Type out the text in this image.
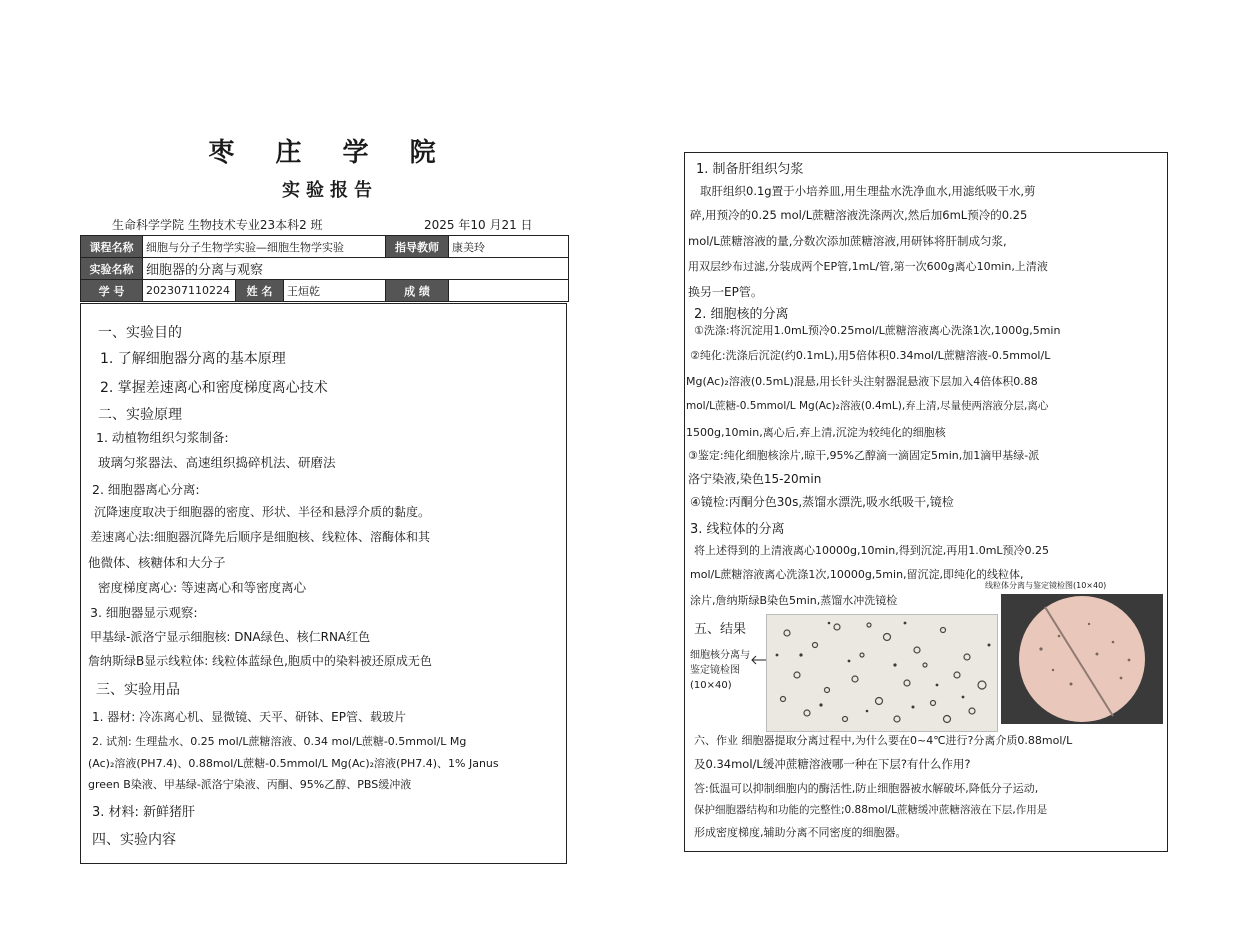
枣 庄 学 院
实验报告
生命科学学院 生物技术专业23本科2 班	2025 年10 月21 日
课程名称	细胞与分子生物学实验—细胞生物学实验			指导教师	康美玲
实验名称	细胞器的分离与观察				
学 号	202307110224	姓 名	王烜乾	成 绩	
一、实验目的
1. 了解细胞器分离的基本原理
2. 掌握差速离心和密度梯度离心技术
二、实验原理
1. 动植物组织匀浆制备:
玻璃匀浆器法、高速组织捣碎机法、研磨法
2. 细胞器离心分离:
沉降速度取决于细胞器的密度、形状、半径和悬浮介质的黏度。
差速离心法:细胞器沉降先后顺序是细胞核、线粒体、溶酶体和其
他微体、核糖体和大分子
密度梯度离心: 等速离心和等密度离心
3. 细胞器显示观察:
甲基绿-派洛宁显示细胞核: DNA绿色、核仁RNA红色
詹纳斯绿B显示线粒体: 线粒体蓝绿色,胞质中的染料被还原成无色
三、实验用品
1. 器材: 冷冻离心机、显微镜、天平、研钵、EP管、载玻片
2. 试剂: 生理盐水、0.25 mol/L蔗糖溶液、0.34 mol/L蔗糖-0.5mmol/L Mg
(Ac)₂溶液(PH7.4)、0.88mol/L蔗糖-0.5mmol/L Mg(Ac)₂溶液(PH7.4)、1% Janus
green B染液、甲基绿-派洛宁染液、丙酮、95%乙醇、PBS缓冲液
3. 材料: 新鲜猪肝
四、实验内容
1. 制备肝组织匀浆
取肝组织0.1g置于小培养皿,用生理盐水洗净血水,用滤纸吸干水,剪
碎,用预冷的0.25 mol/L蔗糖溶液洗涤两次,然后加6mL预冷的0.25
mol/L蔗糖溶液的量,分数次添加蔗糖溶液,用研钵将肝制成匀浆,
用双层纱布过滤,分装成两个EP管,1mL/管,第一次600g离心10min,上清液
换另一EP管。
2. 细胞核的分离
①洗涤:将沉淀用1.0mL预冷0.25mol/L蔗糖溶液离心洗涤1次,1000g,5min
②纯化:洗涤后沉淀(约0.1mL),用5倍体积0.34mol/L蔗糖溶液-0.5mmol/L
Mg(Ac)₂溶液(0.5mL)混悬,用长针头注射器混悬液下层加入4倍体积0.88
mol/L蔗糖-0.5mmol/L Mg(Ac)₂溶液(0.4mL),弃上清,尽量使两溶液分层,离心
1500g,10min,离心后,弃上清,沉淀为较纯化的细胞核
③鉴定:纯化细胞核涂片,晾干,95%乙醇滴一滴固定5min,加1滴甲基绿-派
洛宁染液,染色15-20min
④镜检:丙酮分色30s,蒸馏水漂洗,吸水纸吸干,镜检
3. 线粒体的分离
将上述得到的上清液离心10000g,10min,得到沉淀,再用1.0mL预冷0.25
mol/L蔗糖溶液离心洗涤1次,10000g,5min,留沉淀,即纯化的线粒体,
涂片,詹纳斯绿B染色5min,蒸馏水冲洗镜检
五、结果
细胞核分离与鉴定镜检图(10×40)
线粒体分离与鉴定镜检图(10×40)
六、作业 细胞器提取分离过程中,为什么要在0~4℃进行?分离介质0.88mol/L
及0.34mol/L缓冲蔗糖溶液哪一种在下层?有什么作用?
答:低温可以抑制细胞内的酶活性,防止细胞器被水解破坏,降低分子运动,
保护细胞器结构和功能的完整性;0.88mol/L蔗糖缓冲蔗糖溶液在下层,作用是
形成密度梯度,辅助分离不同密度的细胞器。
